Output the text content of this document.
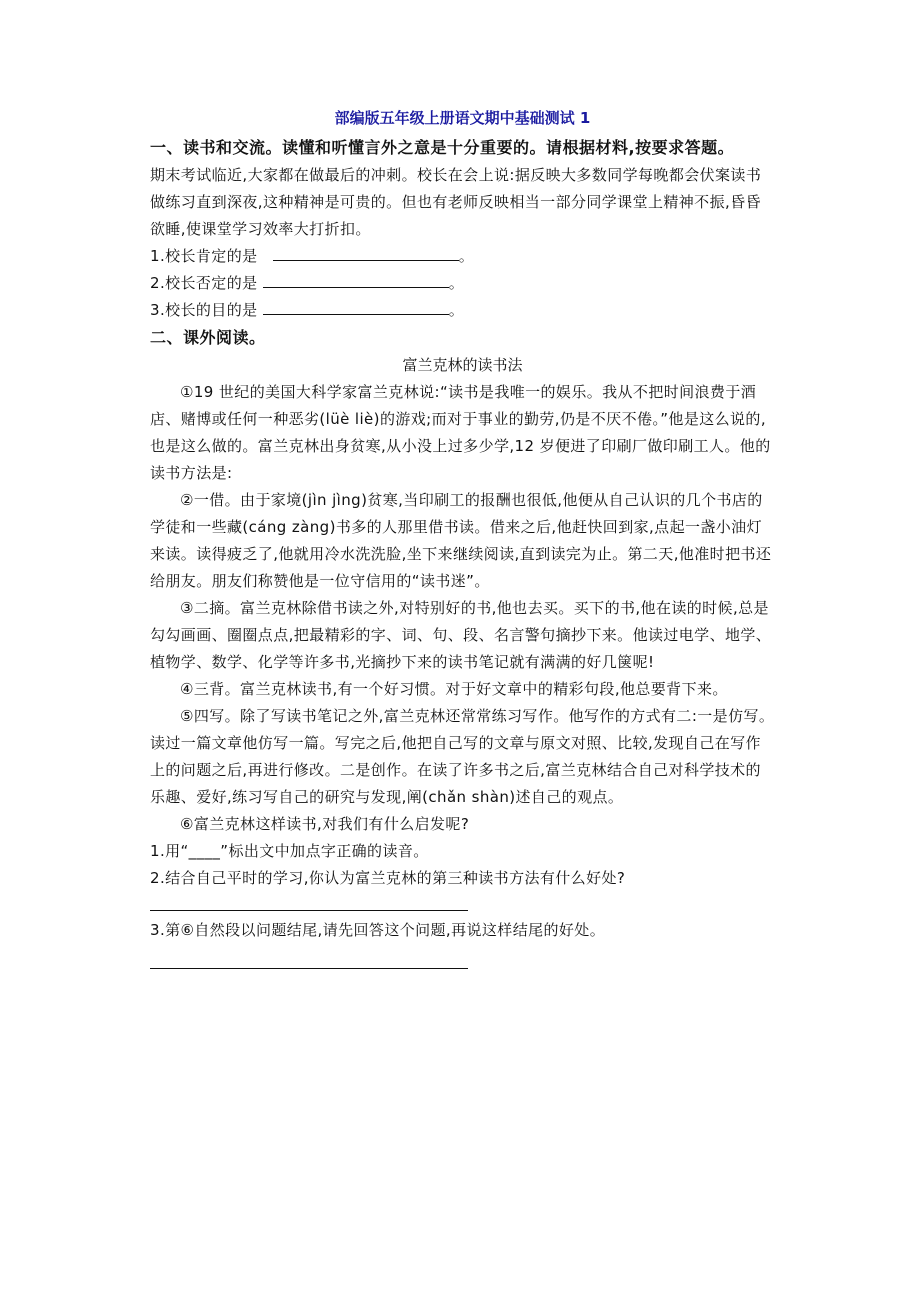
部编版五年级上册语文期中基础测试 1

一、读书和交流。读懂和听懂言外之意是十分重要的。请根据材料,按要求答题。

期末考试临近,大家都在做最后的冲刺。校长在会上说:据反映大多数同学每晚都会伏案读书做练习直到深夜,这种精神是可贵的。但也有老师反映相当一部分同学课堂上精神不振,昏昏欲睡,使课堂学习效率大打折扣。

1.校长肯定的是	。

2.校长否定的是	。

3.校长的目的是	。

二、课外阅读。

富兰克林的读书法

①19 世纪的美国大科学家富兰克林说:“读书是我唯一的娱乐。我从不把时间浪费于酒店、赌博或任何一种恶劣(lüè liè)的游戏;而对于事业的勤劳,仍是不厌不倦。”他是这么说的,也是这么做的。富兰克林出身贫寒,从小没上过多少学,12 岁便进了印刷厂做印刷工人。他的读书方法是:

②一借。由于家境(jìn jìng)贫寒,当印刷工的报酬也很低,他便从自己认识的几个书店的学徒和一些藏(cáng zàng)书多的人那里借书读。借来之后,他赶快回到家,点起一盏小油灯来读。读得疲乏了,他就用冷水洗洗脸,坐下来继续阅读,直到读完为止。第二天,他准时把书还给朋友。朋友们称赞他是一位守信用的“读书迷”。

③二摘。富兰克林除借书读之外,对特别好的书,他也去买。买下的书,他在读的时候,总是勾勾画画、圈圈点点,把最精彩的字、词、句、段、名言警句摘抄下来。他读过电学、地学、植物学、数学、化学等许多书,光摘抄下来的读书笔记就有满满的好几箧呢!

④三背。富兰克林读书,有一个好习惯。对于好文章中的精彩句段,他总要背下来。

⑤四写。除了写读书笔记之外,富兰克林还常常练习写作。他写作的方式有二:一是仿写。读过一篇文章他仿写一篇。写完之后,他把自己写的文章与原文对照、比较,发现自己在写作上的问题之后,再进行修改。二是创作。在读了许多书之后,富兰克林结合自己对科学技术的乐趣、爱好,练习写自己的研究与发现,阐(chǎn shàn)述自己的观点。

⑥富兰克林这样读书,对我们有什么启发呢?

1.用“____”标出文中加点字正确的读音。

2.结合自己平时的学习,你认为富兰克林的第三种读书方法有什么好处?

3.第⑥自然段以问题结尾,请先回答这个问题,再说这样结尾的好处。
